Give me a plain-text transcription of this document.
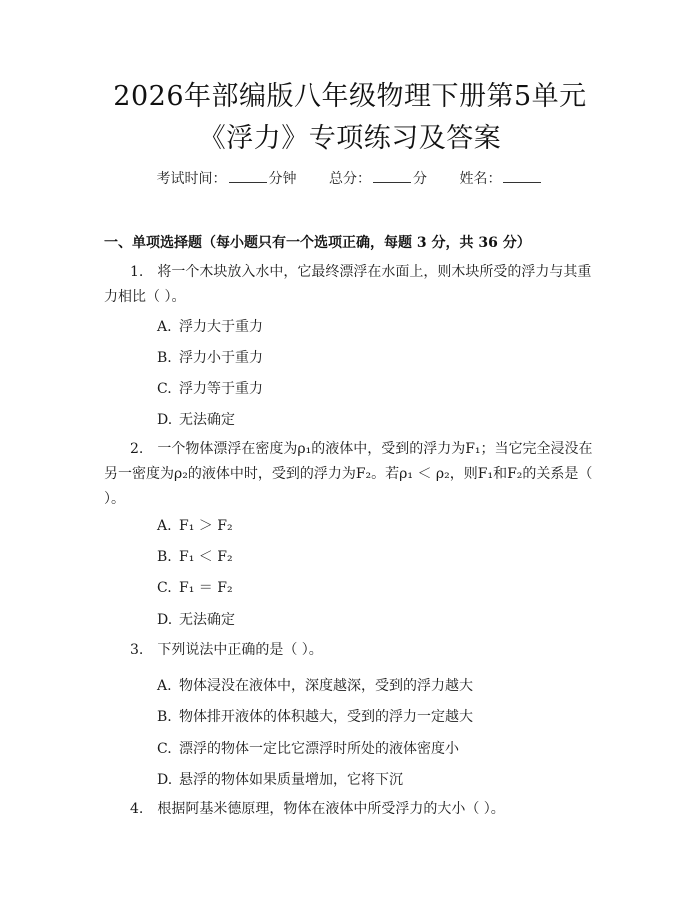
2026年部编版八年级物理下册第5单元《浮力》专项练习及答案
考试时间：	分钟 总分：	分 姓名：
一、单项选择题（每小题只有一个选项正确，每题 3 分，共 36 分）
1. 将一个木块放入水中，它最终漂浮在水面上，则木块所受的浮力与其重力相比（ ）。
A. 浮力大于重力
B. 浮力小于重力
C. 浮力等于重力
D. 无法确定
2. 一个物体漂浮在密度为ρ₁的液体中，受到的浮力为F₁；当它完全浸没在另一密度为ρ₂的液体中时，受到的浮力为F₂。若ρ₁ ＜ ρ₂，则F₁和F₂的关系是（ ）。
A. F₁ ＞ F₂
B. F₁ ＜ F₂
C. F₁ ＝ F₂
D. 无法确定
3. 下列说法中正确的是（ ）。
A. 物体浸没在液体中，深度越深，受到的浮力越大
B. 物体排开液体的体积越大，受到的浮力一定越大
C. 漂浮的物体一定比它漂浮时所处的液体密度小
D. 悬浮的物体如果质量增加，它将下沉
4. 根据阿基米德原理，物体在液体中所受浮力的大小（ ）。
